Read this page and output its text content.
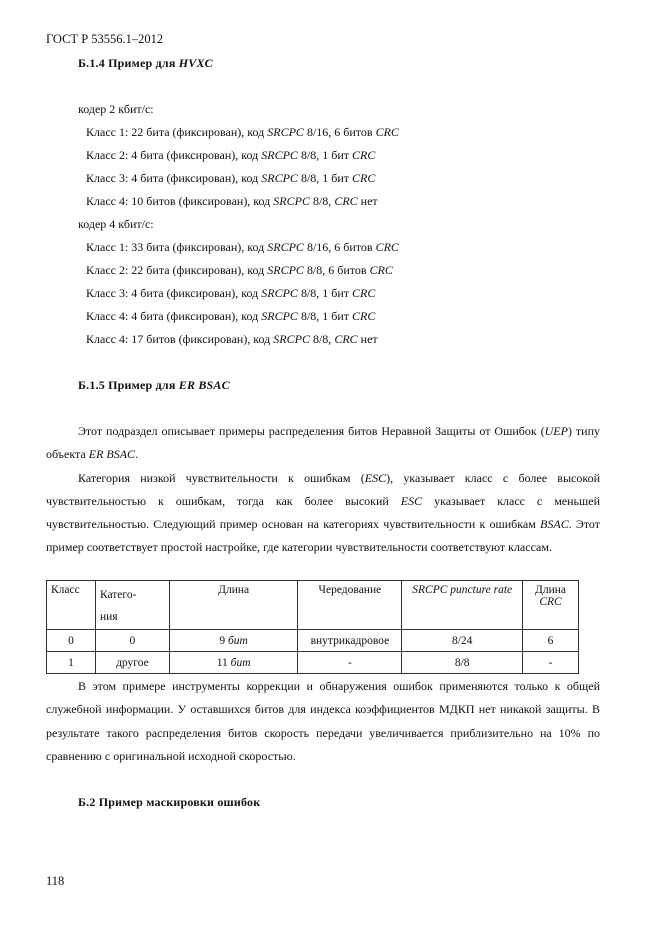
ГОСТ Р 53556.1–2012
Б.1.4 Пример для HVXC
кодер 2 кбит/с:
Класс 1: 22 бита (фиксирован), код SRCPC 8/16, 6 битов CRC
Класс 2: 4 бита (фиксирован), код SRCPC 8/8, 1 бит CRC
Класс 3: 4 бита (фиксирован), код SRCPC 8/8, 1 бит CRC
Класс 4: 10 битов (фиксирован), код SRCPC 8/8, CRC нет
кодер 4 кбит/с:
Класс 1: 33 бита (фиксирован), код SRCPC 8/16, 6 битов CRC
Класс 2: 22 бита (фиксирован), код SRCPC 8/8, 6 битов CRC
Класс 3: 4 бита (фиксирован), код SRCPC 8/8, 1 бит CRC
Класс 4: 4 бита (фиксирован), код SRCPC 8/8, 1 бит CRC
Класс 4: 17 битов (фиксирован), код SRCPC 8/8, CRC нет
Б.1.5 Пример для ER BSAC

Этот подраздел описывает примеры распределения битов Неравной Защиты от Ошибок (UEP) типу объекта ER BSAC.

Категория низкой чувствительности к ошибкам (ESC), указывает класс с более высокой чувствительностью к ошибкам, тогда как более высокий ESC указывает класс с меньшей чувствительностью. Следующий пример основан на категориях чувствительности к ошибкам BSAC. Этот пример соответствует простой настройке, где категории чувствительности соответствуют классам.

Класс	Катего-ния	Длина	Чередование	SRCPC puncture rate	Длина CRC
0	0	9 бит	внутрикадровое	8/24	6
1	другое	11 бит	-	8/8	-

В этом примере инструменты коррекции и обнаружения ошибок применяются только к общей служебной информации. У оставшихся битов для индекса коэффициентов МДКП нет никакой защиты. В результате такого распределения битов скорость передачи увеличивается приблизительно на 10% по сравнению с оригинальной исходной скоростью.

Б.2 Пример маскировки ошибок
118
